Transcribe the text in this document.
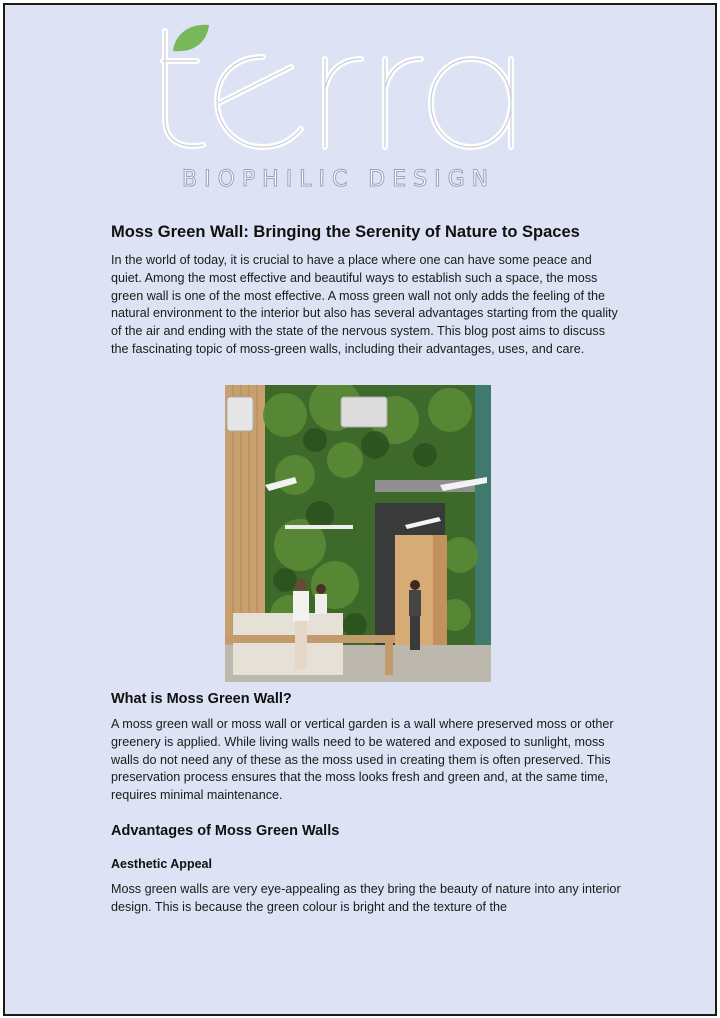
BIOPHILIC DESIGN
Moss Green Wall: Bringing the Serenity of Nature to Spaces

In the world of today, it is crucial to have a place where one can have some peace and quiet. Among the most effective and beautiful ways to establish such a space, the moss green wall is one of the most effective. A moss green wall not only adds the feeling of the natural environment to the interior but also has several advantages starting from the quality of the air and ending with the state of the nervous system. This blog post aims to discuss the fascinating topic of moss-green walls, including their advantages, uses, and care.

What is Moss Green Wall?

A moss green wall or moss wall or vertical garden is a wall where preserved moss or other greenery is applied. While living walls need to be watered and exposed to sunlight, moss walls do not need any of these as the moss used in creating them is often preserved. This preservation process ensures that the moss looks fresh and green and, at the same time, requires minimal maintenance.

Advantages of Moss Green Walls
Aesthetic Appeal

Moss green walls are very eye-appealing as they bring the beauty of nature into any interior design. This is because the green colour is bright and the texture of the
